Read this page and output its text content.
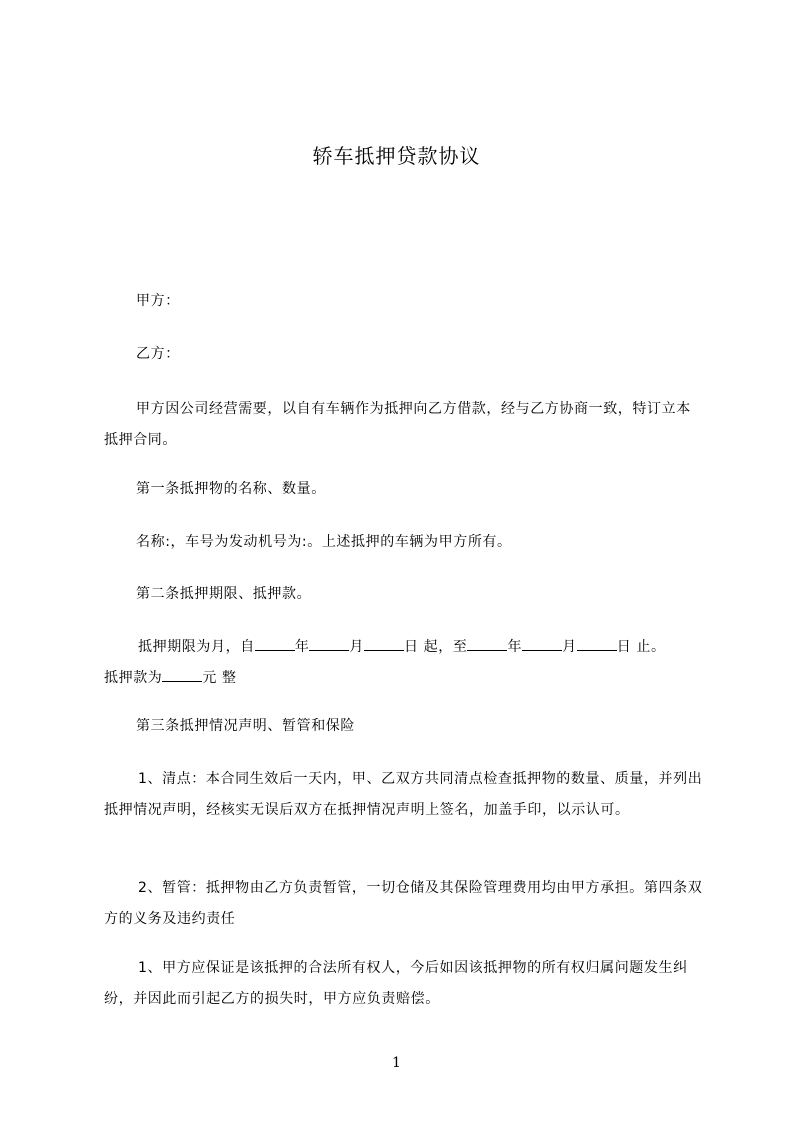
轿车抵押贷款协议
甲方：
乙方：
甲方因公司经营需要，以自有车辆作为抵押向乙方借款，经与乙方协商一致，特订立本抵押合同。
第一条抵押物的名称、数量。
名称:，车号为发动机号为:。上述抵押的车辆为甲方所有。
第二条抵押期限、抵押款。
抵押期限为月，自	年	月	日 起，至	年	月	日 止。
抵押款为	元 整
第三条抵押情况声明、暂管和保险
1、清点：本合同生效后一天内，甲、乙双方共同清点检查抵押物的数量、质量，并列出抵押情况声明，经核实无误后双方在抵押情况声明上签名，加盖手印，以示认可。
2、暂管：抵押物由乙方负责暂管，一切仓储及其保险管理费用均由甲方承担。第四条双方的义务及违约责任
1、甲方应保证是该抵押的合法所有权人，今后如因该抵押物的所有权归属问题发生纠纷，并因此而引起乙方的损失时，甲方应负责赔偿。
1
